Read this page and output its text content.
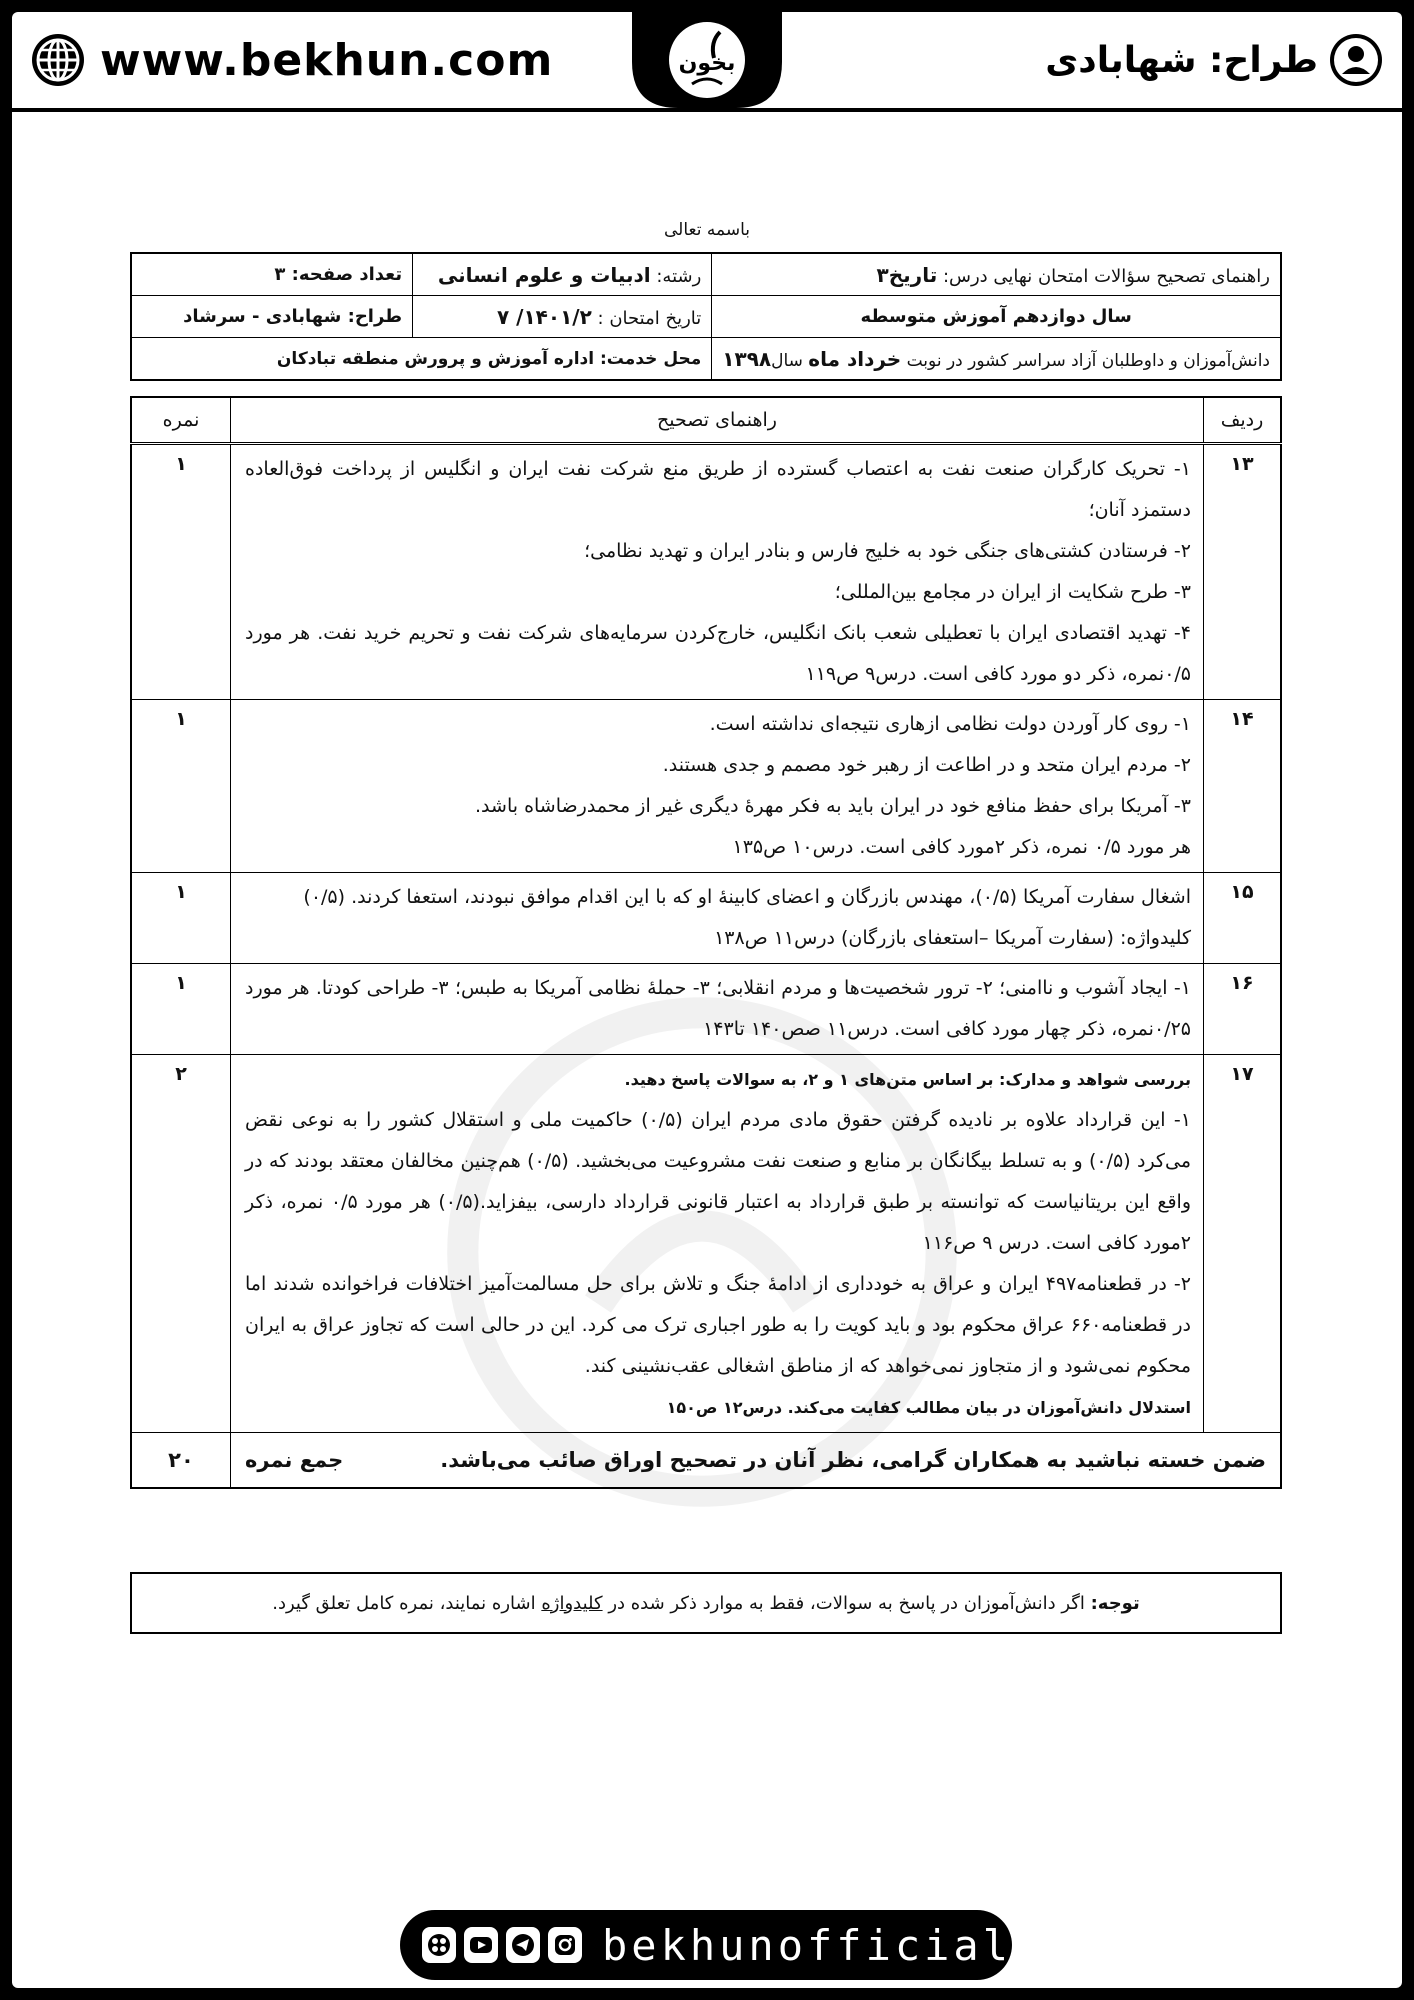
www.bekhun.com	بخون	طراح: شهابادی
باسمه تعالی
راهنمای تصحیح سؤالات امتحان نهایی درس: تاریخ۳	رشته: ادبیات و علوم انسانی	تعداد صفحه: ۳
سال دوازدهم آموزش متوسطه	تاریخ امتحان : ۱۴۰۱/۲/ ۷	طراح: شهابادی - سرشاد
دانش‌آموزان و داوطلبان آزاد سراسر کشور در نوبت خرداد ماه سال۱۳۹۸	محل خدمت: اداره آموزش و پرورش منطقه تبادکان	
ردیف	راهنمای تصحیح	نمره
۱۳	۱- تحریک کارگران صنعت نفت به اعتصاب گسترده از طریق منع شرکت نفت ایران و انگلیس از پرداخت فوق‌العاده دستمزد آنان؛

۲- فرستادن کشتی‌های جنگی خود به خلیج فارس و بنادر ایران و تهدید نظامی؛

۳- طرح شکایت از ایران در مجامع بین‌المللی؛

۴- تهدید اقتصادی ایران با تعطیلی شعب بانک انگلیس، خارج‌کردن سرمایه‌های شرکت نفت و تحریم خرید نفت. هر مورد ۰/۵نمره، ذکر دو مورد کافی است. درس۹ ص۱۱۹	۱
۱۴	۱- روی کار آوردن دولت نظامی ازهاری نتیجه‌ای نداشته است.

۲- مردم ایران متحد و در اطاعت از رهبر خود مصمم و جدی هستند.

۳- آمریکا برای حفظ منافع خود در ایران باید به فکر مهرهٔ دیگری غیر از محمدرضاشاه باشد.

هر مورد ۰/۵ نمره، ذکر ۲مورد کافی است. درس۱۰ ص۱۳۵	۱
۱۵	اشغال سفارت آمریکا (۰/۵)، مهندس بازرگان و اعضای کابینهٔ او که با این اقدام موافق نبودند، استعفا کردند. (۰/۵)

کلیدواژه: (سفارت آمریکا –استعفای بازرگان) درس۱۱ ص۱۳۸	۱
۱۶	۱- ایجاد آشوب و ناامنی؛ ۲- ترور شخصیت‌ها و مردم انقلابی؛ ۳- حملهٔ نظامی آمریکا به طبس؛ ۳- طراحی کودتا. هر مورد ۰/۲۵نمره، ذکر چهار مورد کافی است. درس۱۱ صص۱۴۰ تا۱۴۳	۱
۱۷	بررسی شواهد و مدارک: بر اساس متن‌های ۱ و ۲، به سوالات پاسخ دهید.

۱- این قرارداد علاوه بر نادیده گرفتن حقوق مادی مردم ایران (۰/۵) حاکمیت ملی و استقلال کشور را به نوعی نقض می‌کرد (۰/۵) و به تسلط بیگانگان بر منابع و صنعت نفت مشروعیت می‌بخشید. (۰/۵) هم‌چنین مخالفان معتقد بودند که در واقع این بریتانیاست که توانسته بر طبق قرارداد به اعتبار قانونی قرارداد دارسی، بیفزاید.(۰/۵) هر مورد ۰/۵ نمره، ذکر ۲مورد کافی است. درس ۹ ص۱۱۶

۲- در قطعنامه۴۹۷ ایران و عراق به خودداری از ادامهٔ جنگ و تلاش برای حل مسالمت‌آمیز اختلافات فراخوانده شدند اما در قطعنامه۶۶۰ عراق محکوم بود و باید کویت را به طور اجباری ترک می کرد. این در حالی است که تجاوز عراق به ایران محکوم نمی‌شود و از متجاوز نمی‌خواهد که از مناطق اشغالی عقب‌نشینی کند.

استدلال دانش‌آموزان در بیان مطالب کفایت می‌کند. درس۱۲ ص۱۵۰	۲
ضمن خسته نباشید به همکاران گرامی، نظر آنان در تصحیح اوراق صائب می‌باشد.
جمع نمره		۲۰
توجه: اگر دانش‌آموزان در پاسخ به سوالات، فقط به موارد ذکر شده در کلیدواژه اشاره نمایند، نمره کامل تعلق گیرد.
bekhunofficial
